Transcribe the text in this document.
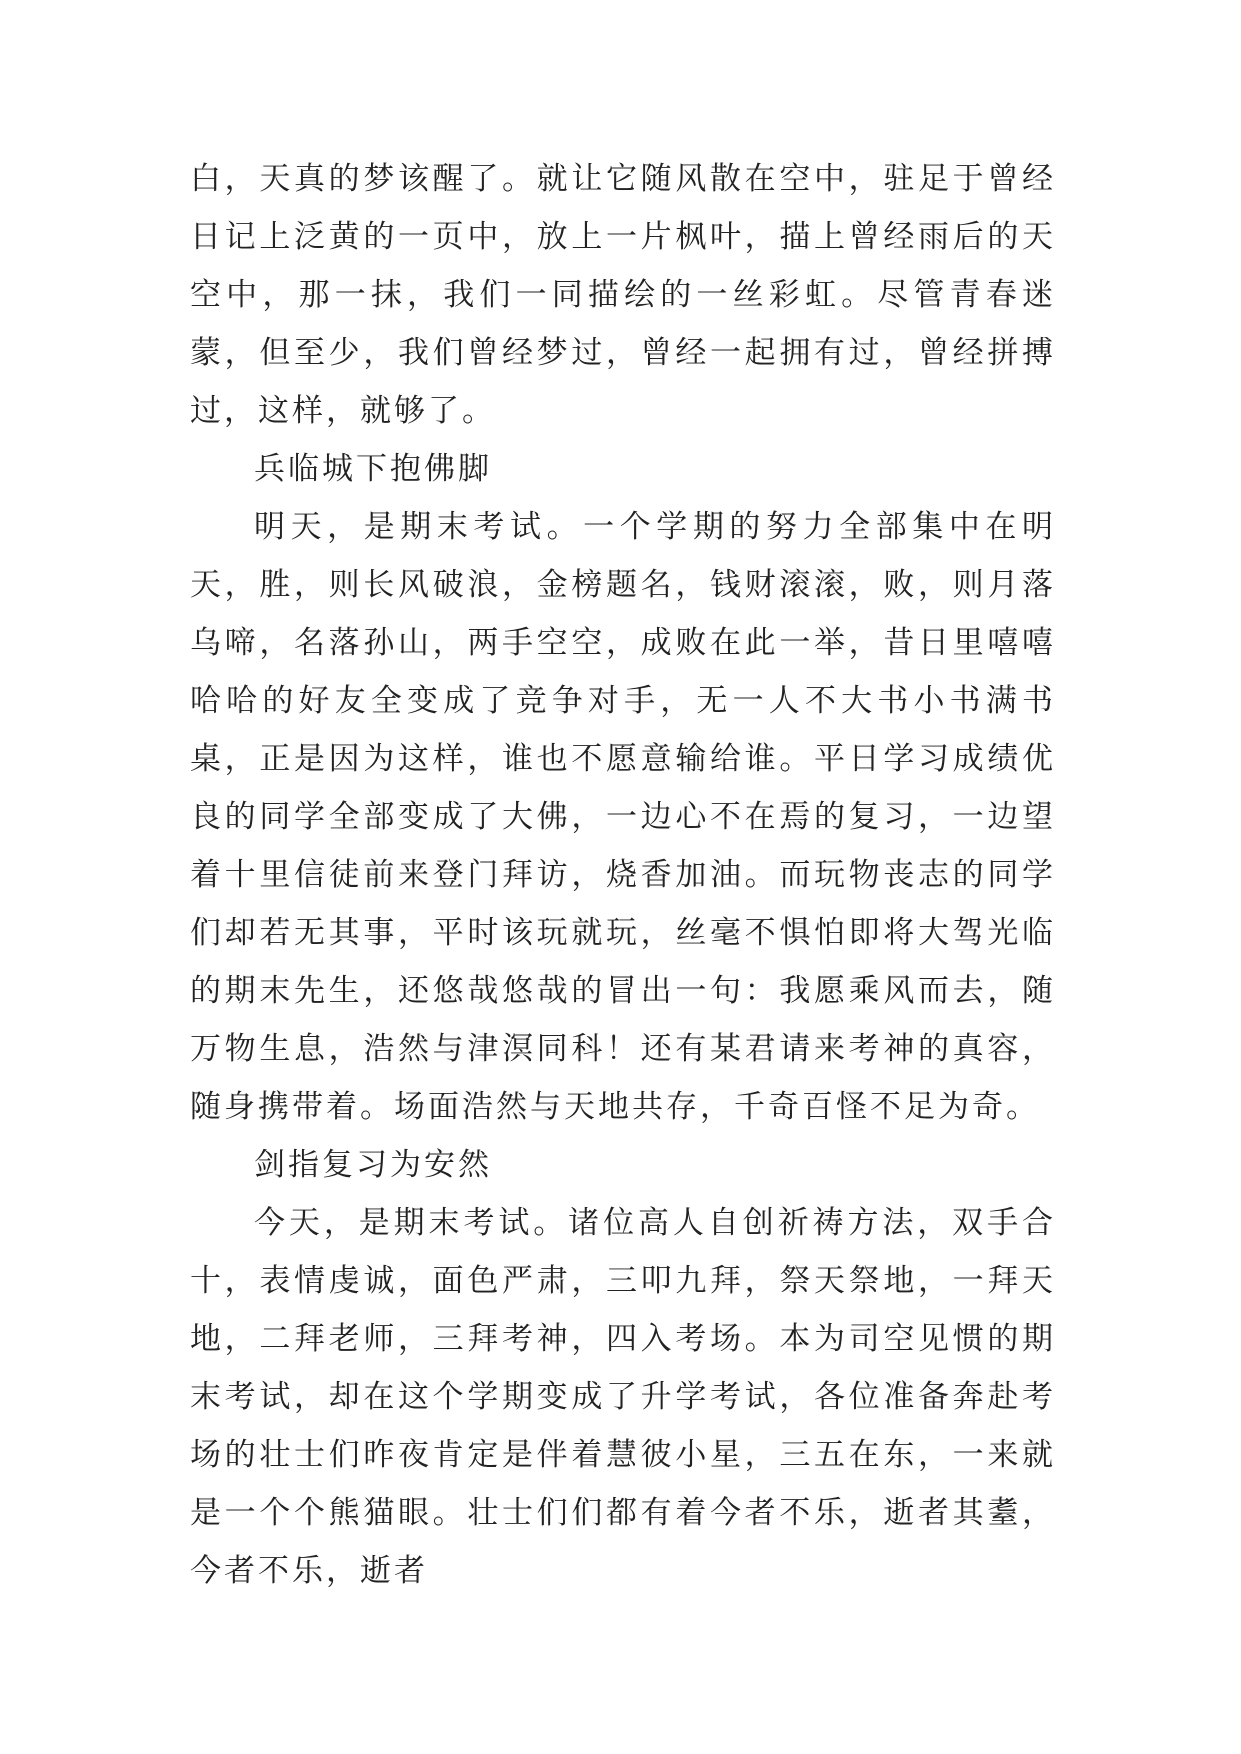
白，天真的梦该醒了。就让它随风散在空中，驻足于曾经日记上泛黄的一页中，放上一片枫叶，描上曾经雨后的天空中，那一抹，我们一同描绘的一丝彩虹。尽管青春迷蒙，但至少，我们曾经梦过，曾经一起拥有过，曾经拼搏过，这样，就够了。

兵临城下抱佛脚

明天，是期末考试。一个学期的努力全部集中在明天，胜，则长风破浪，金榜题名，钱财滚滚，败，则月落乌啼，名落孙山，两手空空，成败在此一举，昔日里嘻嘻哈哈的好友全变成了竞争对手，无一人不大书小书满书桌，正是因为这样，谁也不愿意输给谁。平日学习成绩优良的同学全部变成了大佛，一边心不在焉的复习，一边望着十里信徒前来登门拜访，烧香加油。而玩物丧志的同学们却若无其事，平时该玩就玩，丝毫不惧怕即将大驾光临的期末先生，还悠哉悠哉的冒出一句：我愿乘风而去，随万物生息，浩然与津溟同科！还有某君请来考神的真容，随身携带着。场面浩然与天地共存，千奇百怪不足为奇。

剑指复习为安然

今天，是期末考试。诸位高人自创祈祷方法，双手合十，表情虔诚，面色严肃，三叩九拜，祭天祭地，一拜天地，二拜老师，三拜考神，四入考场。本为司空见惯的期末考试，却在这个学期变成了升学考试，各位准备奔赴考场的壮士们昨夜肯定是伴着慧彼小星，三五在东，一来就是一个个熊猫眼。壮士们们都有着今者不乐，逝者其耋，今者不乐，逝者
